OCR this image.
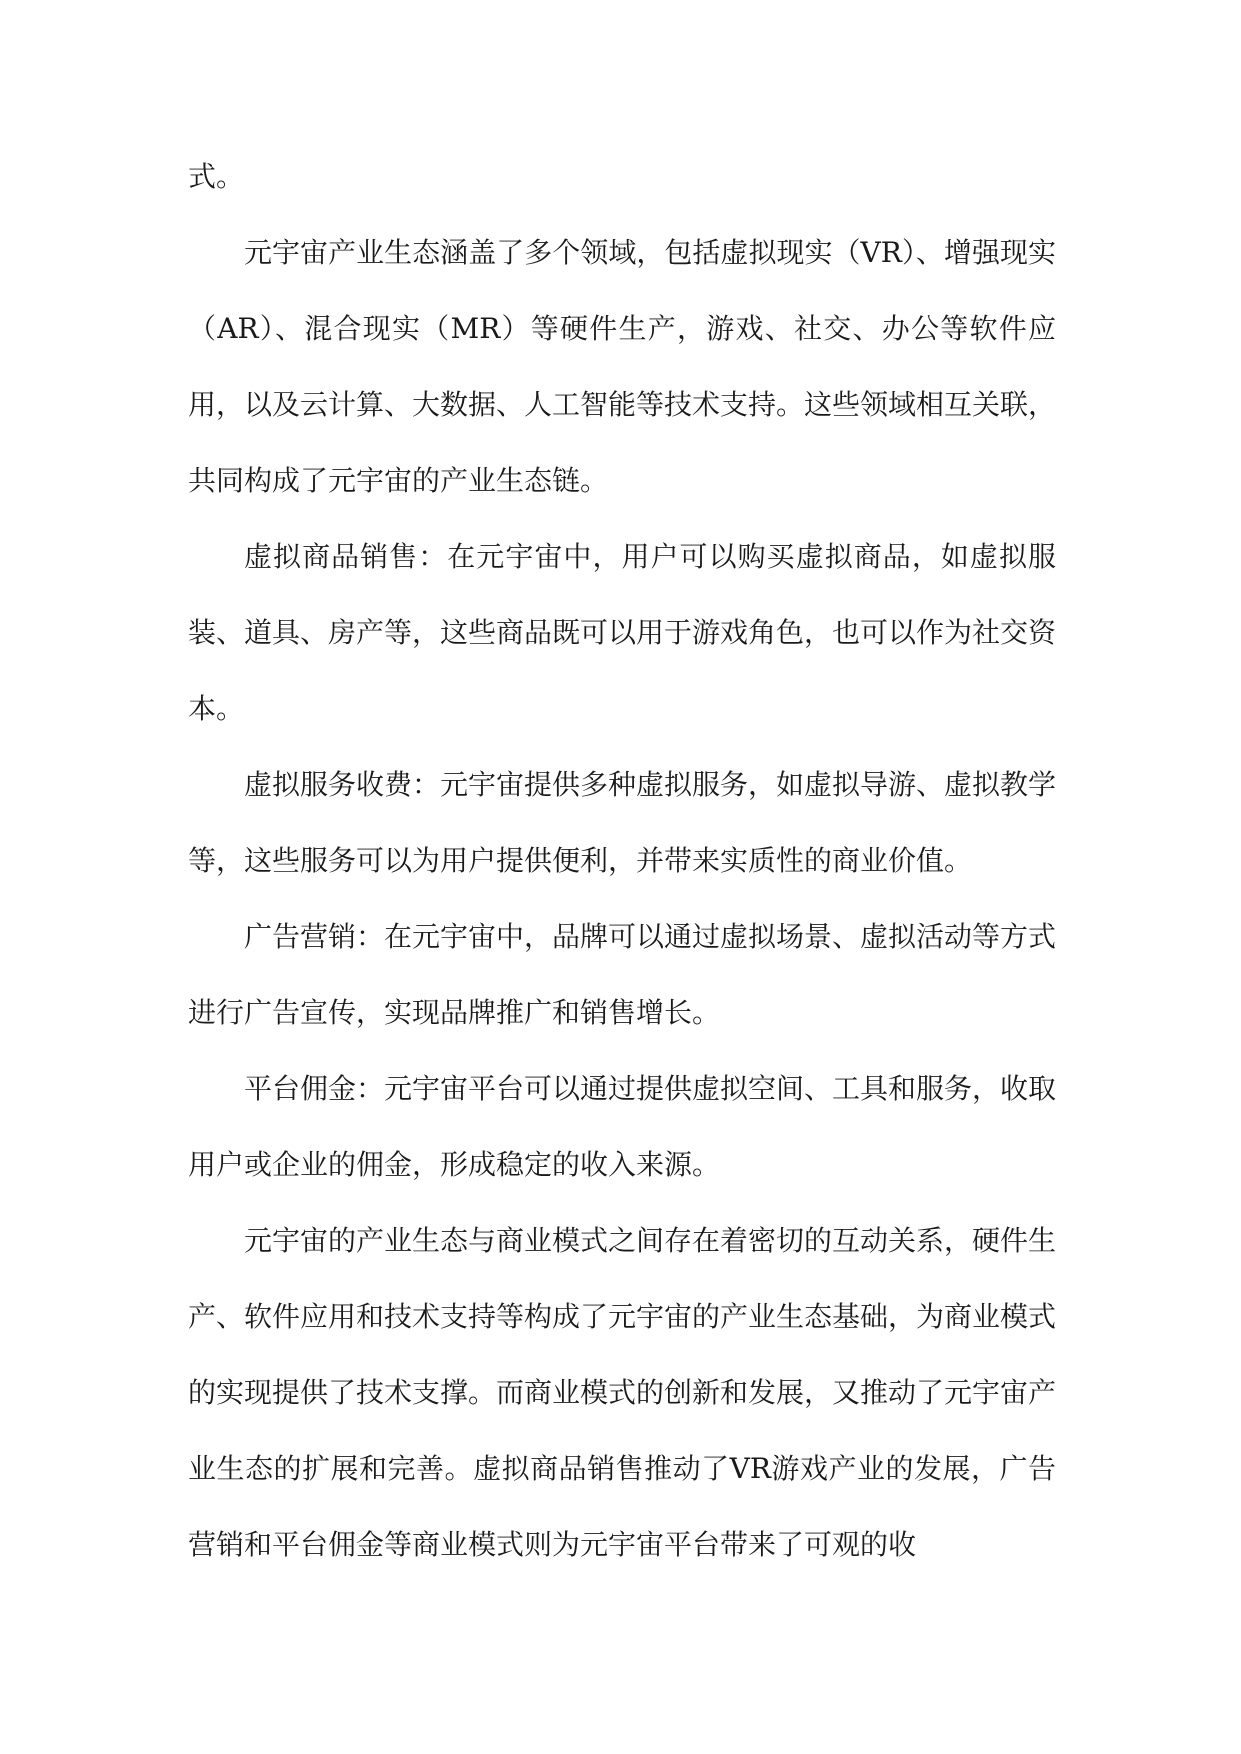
式。

元宇宙产业生态涵盖了多个领域，包括虚拟现实（VR）、增强现实（AR）、混合现实（MR）等硬件生产，游戏、社交、办公等软件应用，以及云计算、大数据、人工智能等技术支持。这些领域相互关联，共同构成了元宇宙的产业生态链。

虚拟商品销售：在元宇宙中，用户可以购买虚拟商品，如虚拟服装、道具、房产等，这些商品既可以用于游戏角色，也可以作为社交资本。

虚拟服务收费：元宇宙提供多种虚拟服务，如虚拟导游、虚拟教学等，这些服务可以为用户提供便利，并带来实质性的商业价值。

广告营销：在元宇宙中，品牌可以通过虚拟场景、虚拟活动等方式进行广告宣传，实现品牌推广和销售增长。

平台佣金：元宇宙平台可以通过提供虚拟空间、工具和服务，收取用户或企业的佣金，形成稳定的收入来源。

元宇宙的产业生态与商业模式之间存在着密切的互动关系，硬件生产、软件应用和技术支持等构成了元宇宙的产业生态基础，为商业模式的实现提供了技术支撑。而商业模式的创新和发展，又推动了元宇宙产业生态的扩展和完善。虚拟商品销售推动了VR游戏产业的发展，广告营销和平台佣金等商业模式则为元宇宙平台带来了可观的收
